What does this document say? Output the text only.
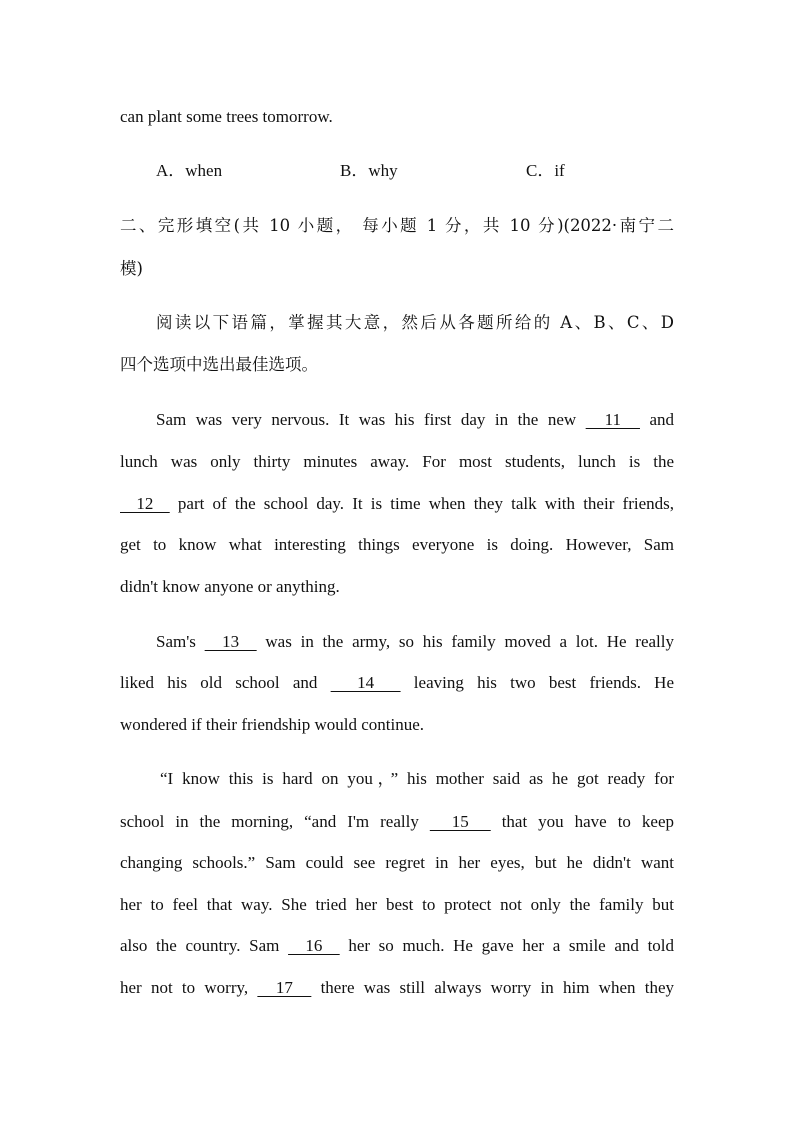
can plant some trees tomorrow.
A．when	B．why	C．if
二、完形填空(共 10 小题， 每小题 1 分，共 10 分)(2022·南宁二
模)
阅读以下语篇，掌握其大意，然后从各题所给的 A、B、C、D
四个选项中选出最佳选项。
Sam was very nervous. It was his first day in the new   11   and
lunch was only thirty minutes away. For most students, lunch is the
12   part of the school day. It is time when they talk with their friends,
get to know what interesting things everyone is doing. However, Sam
didn't know anyone or anything.
Sam's   13   was in the army, so his family moved a lot. He really
liked his old school and   14   leaving his two best friends. He
wondered if their friendship would continue.
“I know this is hard on you，” his mother said as he got ready for
school in the morning, “and I'm really   15   that you have to keep
changing schools.” Sam could see regret in her eyes, but he didn't want
her to feel that way. She tried her best to protect not only the family but
also the country. Sam   16   her so much. He gave her a smile and told
her not to worry,   17   there was still always worry in him when they
